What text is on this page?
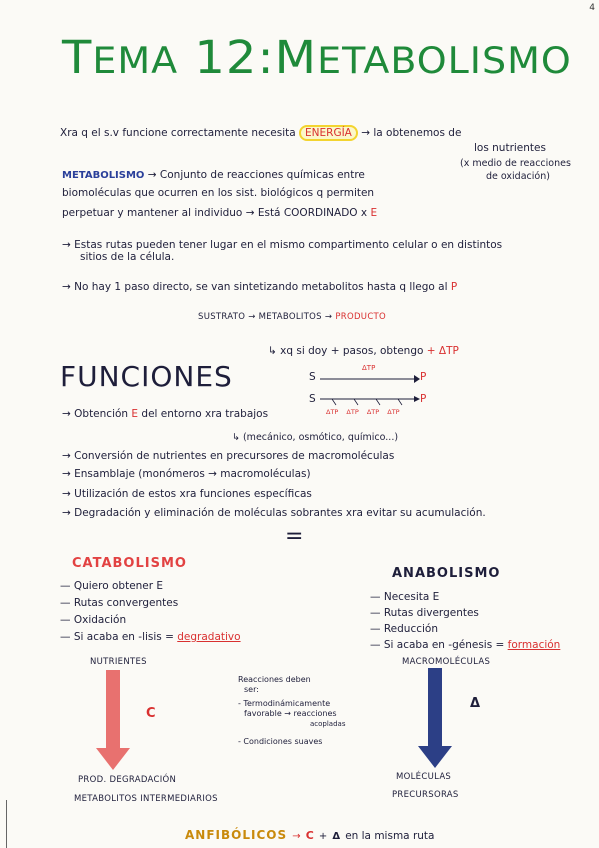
4
TEMA 12:METABOLISMO
Xra q el s.v funcione correctamente necesita ENERGÍA → la obtenemos de
los nutrientes
(x medio de reacciones
de oxidación)
METABOLISMO → Conjunto de reacciones químicas entre
biomoléculas que ocurren en los sist. biológicos q permiten
perpetuar y mantener al individuo → Está COORDINADO x E
→ Estas rutas pueden tener lugar en el mismo compartimento celular o en distintos
sitios de la célula.
→ No hay 1 paso directo, se van sintetizando metabolitos hasta q llego al P
SUSTRATO → METABOLITOS → PRODUCTO
↳ xq si doy + pasos, obtengo + ΔTP
FUNCIONES	S
ΔTP
P
S	P
ΔTP ΔTP ΔTP ΔTP
→ Obtención E del entorno xra trabajos
↳ (mecánico, osmótico, químico...)
→ Conversión de nutrientes en precursores de macromoléculas
→ Ensamblaje (monómeros → macromoléculas)
→ Utilización de estos xra funciones específicas
→ Degradación y eliminación de moléculas sobrantes xra evitar su acumulación.
=
CATABOLISMO
— Quiero obtener E
— Rutas convergentes
— Oxidación
— Si acaba en -lisis = degradativo
NUTRIENTES
C
PROD. DEGRADACIÓN
METABOLITOS INTERMEDIARIOS
Reacciones deben
ser:
- Termodinámicamente
favorable → reacciones
acopladas
- Condiciones suaves
ANABOLISMO
— Necesita E
— Rutas divergentes
— Reducción
— Si acaba en -génesis = formación
MACROMOLÉCULAS
Δ
MOLÉCULAS
PRECURSORAS
ANFIBÓLICOS → C + Δ en la misma ruta
